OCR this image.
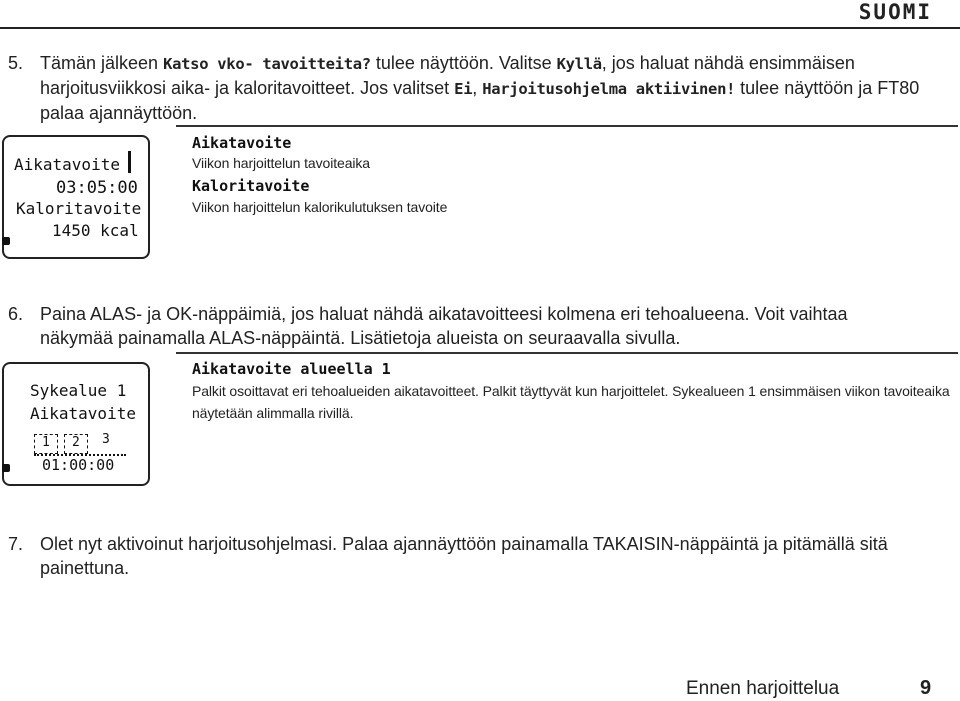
SUOMI
5. Tämän jälkeen Katso vko- tavoitteita? tulee näyttöön. Valitse Kyllä, jos haluat nähdä ensimmäisen harjoitusviikkosi aika- ja kaloritavoitteet. Jos valitset Ei, Harjoitusohjelma aktiivinen! tulee näyttöön ja FT80 palaa ajannäyttöön.
Aikatavoite
03:05:00
Kaloritavoite
1450 kcal
Aikatavoite
Viikon harjoittelun tavoiteaika
Kaloritavoite
Viikon harjoittelun kalorikulutuksen tavoite
6. Paina ALAS- ja OK-näppäimiä, jos haluat nähdä aikatavoitteesi kolmena eri tehoalueena. Voit vaihtaa näkymää painamalla ALAS-näppäintä. Lisätietoja alueista on seuraavalla sivulla.
Sykealue 1
Aikatavoite
1 2 3
01:00:00
Aikatavoite alueella 1
Palkit osoittavat eri tehoalueiden aikatavoitteet. Palkit täyttyvät kun harjoittelet. Sykealueen 1 ensimmäisen viikon tavoiteaika näytetään alimmalla rivillä.
7. Olet nyt aktivoinut harjoitusohjelmasi. Palaa ajannäyttöön painamalla TAKAISIN-näppäintä ja pitämällä sitä painettuna.
Ennen harjoittelua	9
